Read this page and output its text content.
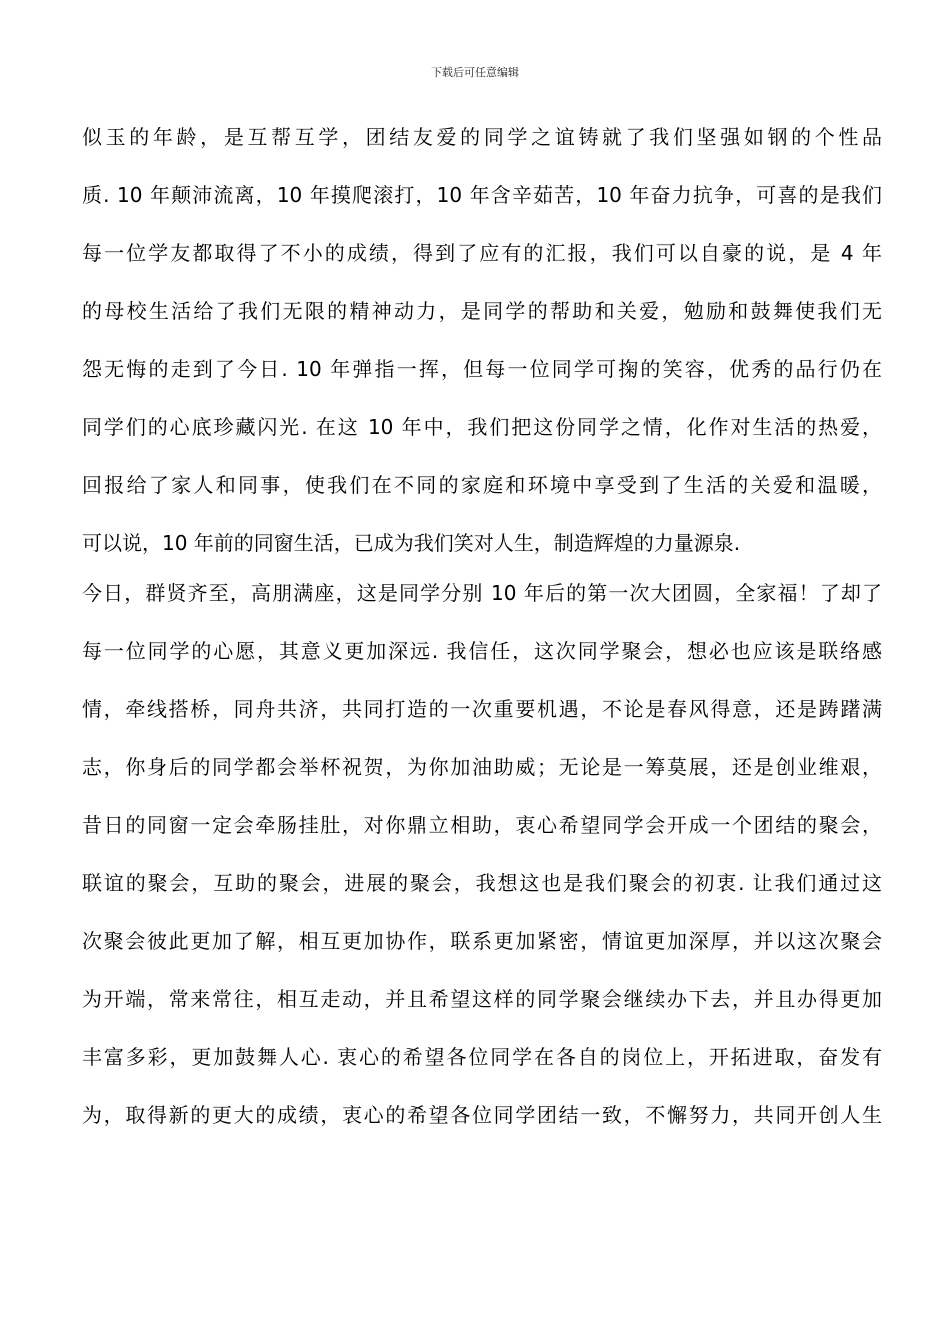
下载后可任意编辑
似玉的年龄，是互帮互学，团结友爱的同学之谊铸就了我们坚强如钢的个性品
质. 10 年颠沛流离，10 年摸爬滚打，10 年含辛茹苦，10 年奋力抗争，可喜的是我们
每一位学友都取得了不小的成绩，得到了应有的汇报，我们可以自豪的说，是 4 年
的母校生活给了我们无限的精神动力，是同学的帮助和关爱，勉励和鼓舞使我们无
怨无悔的走到了今日. 10 年弹指一挥，但每一位同学可掬的笑容，优秀的品行仍在
同学们的心底珍藏闪光. 在这 10 年中，我们把这份同学之情，化作对生活的热爱，
回报给了家人和同事，使我们在不同的家庭和环境中享受到了生活的关爱和温暖，
可以说，10 年前的同窗生活，已成为我们笑对人生，制造辉煌的力量源泉.
今日，群贤齐至，高朋满座，这是同学分别 10 年后的第一次大团圆，全家福！了却了
每一位同学的心愿，其意义更加深远. 我信任，这次同学聚会，想必也应该是联络感
情，牵线搭桥，同舟共济，共同打造的一次重要机遇，不论是春风得意，还是踌躇满
志，你身后的同学都会举杯祝贺，为你加油助威；无论是一筹莫展，还是创业维艰，
昔日的同窗一定会牵肠挂肚，对你鼎立相助，衷心希望同学会开成一个团结的聚会，
联谊的聚会，互助的聚会，进展的聚会，我想这也是我们聚会的初衷. 让我们通过这
次聚会彼此更加了解，相互更加协作，联系更加紧密，情谊更加深厚，并以这次聚会
为开端，常来常往，相互走动，并且希望这样的同学聚会继续办下去，并且办得更加
丰富多彩，更加鼓舞人心. 衷心的希望各位同学在各自的岗位上，开拓进取，奋发有
为，取得新的更大的成绩，衷心的希望各位同学团结一致，不懈努力，共同开创人生
